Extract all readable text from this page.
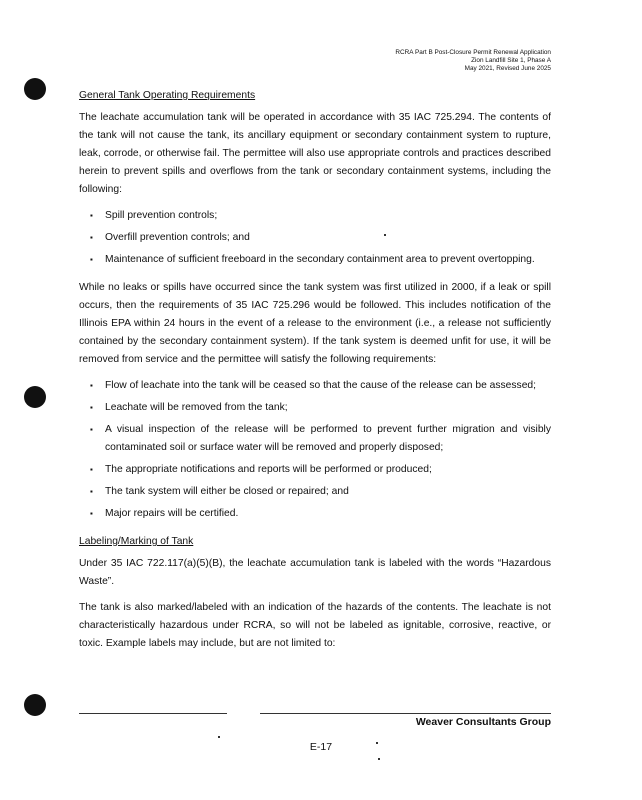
RCRA Part B Post-Closure Permit Renewal Application
Zion Landfill Site 1, Phase A
May 2021, Revised June 2025
General Tank Operating Requirements

The leachate accumulation tank will be operated in accordance with 35 IAC 725.294. The contents of the tank will not cause the tank, its ancillary equipment or secondary containment system to rupture, leak, corrode, or otherwise fail. The permittee will also use appropriate controls and practices described herein to prevent spills and overflows from the tank or secondary containment systems, including the following:

▪ Spill prevention controls;
▪ Overfill prevention controls; and
▪ Maintenance of sufficient freeboard in the secondary containment area to prevent overtopping.

While no leaks or spills have occurred since the tank system was first utilized in 2000, if a leak or spill occurs, then the requirements of 35 IAC 725.296 would be followed. This includes notification of the Illinois EPA within 24 hours in the event of a release to the environment (i.e., a release not sufficiently contained by the secondary containment system). If the tank system is deemed unfit for use, it will be removed from service and the permittee will satisfy the following requirements:

▪ Flow of leachate into the tank will be ceased so that the cause of the release can be assessed;
▪ Leachate will be removed from the tank;
▪ A visual inspection of the release will be performed to prevent further migration and visibly contaminated soil or surface water will be removed and properly disposed;
▪ The appropriate notifications and reports will be performed or produced;
▪ The tank system will either be closed or repaired; and
▪ Major repairs will be certified.
Labeling/Marking of Tank

Under 35 IAC 722.117(a)(5)(B), the leachate accumulation tank is labeled with the words “Hazardous Waste”.

The tank is also marked/labeled with an indication of the hazards of the contents. The leachate is not characteristically hazardous under RCRA, so will not be labeled as ignitable, corrosive, reactive, or toxic. Example labels may include, but are not limited to:

Weaver Consultants Group
E-17
